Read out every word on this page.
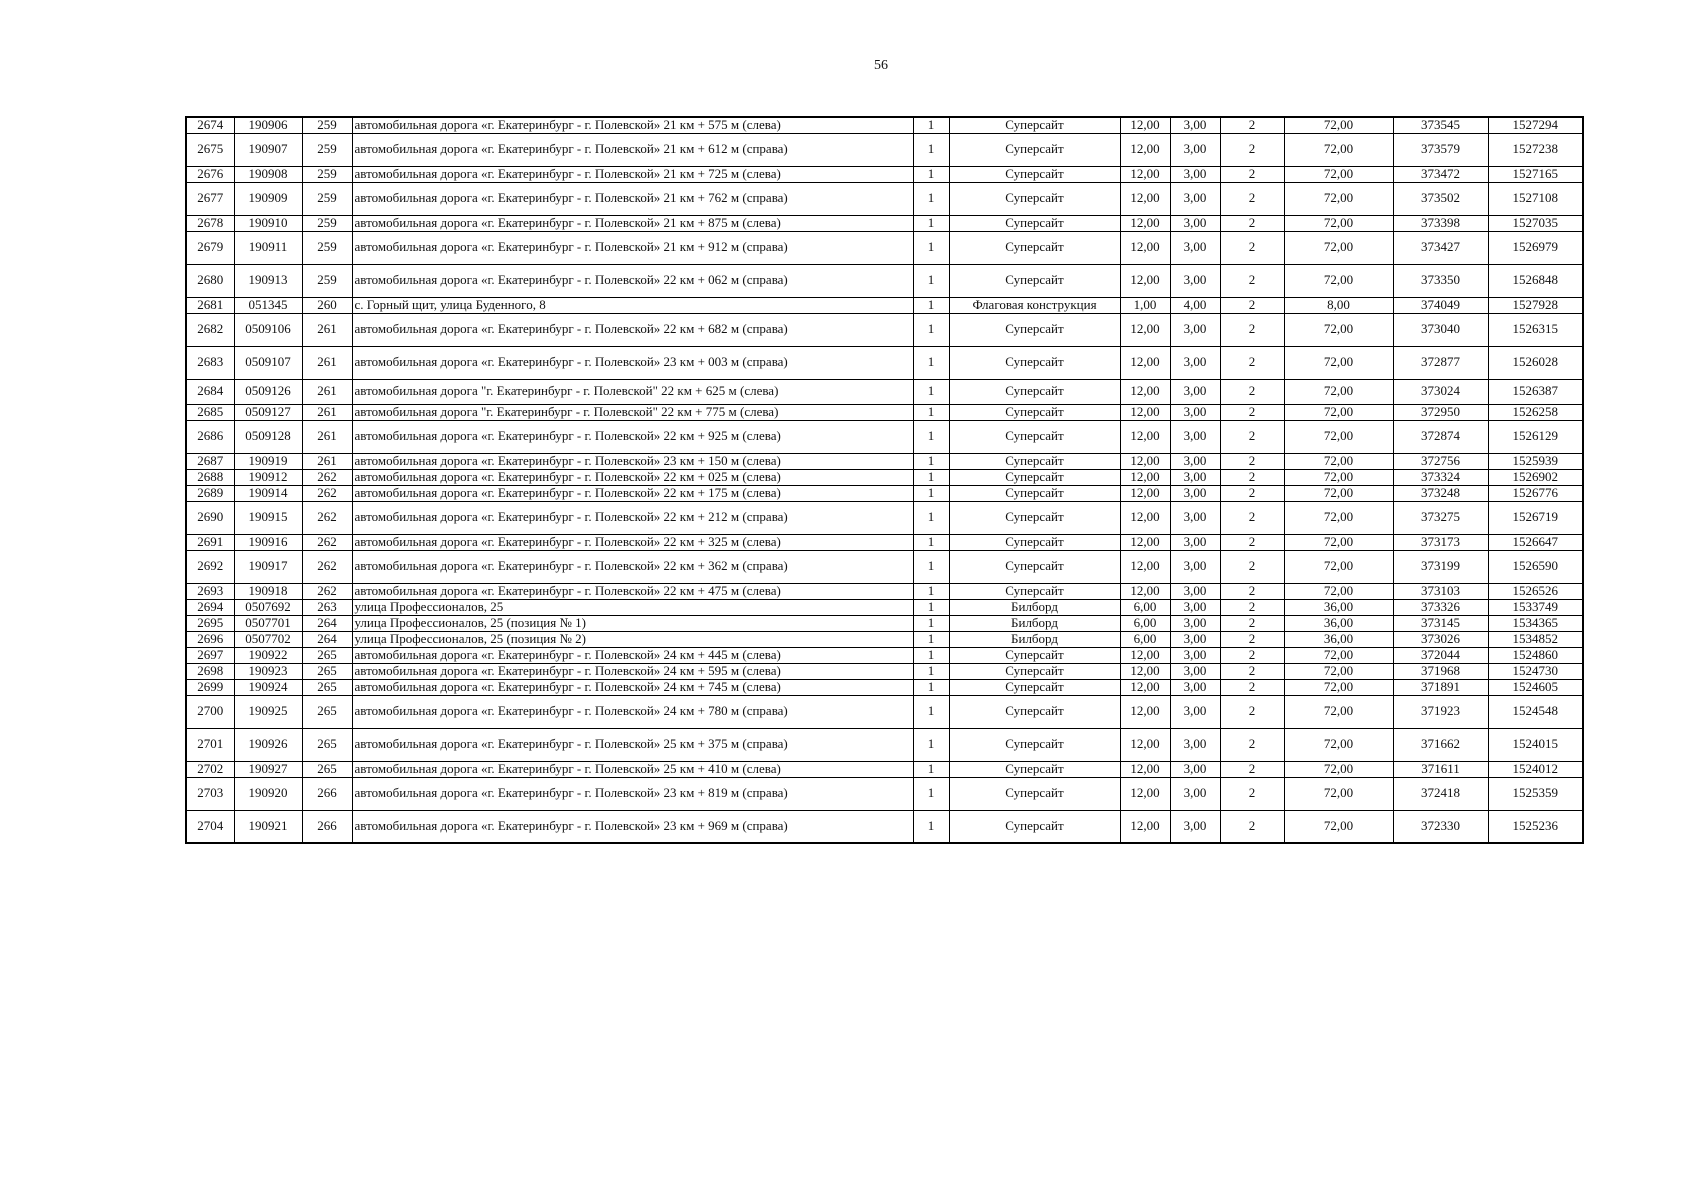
56
2674	190906	259	автомобильная дорога «г. Екатеринбург - г. Полевской» 21 км + 575 м (слева)	1	Суперсайт	12,00	3,00	2	72,00	373545	1527294
2675	190907	259	автомобильная дорога «г. Екатеринбург - г. Полевской» 21 км + 612 м (справа)	1	Суперсайт	12,00	3,00	2	72,00	373579	1527238
2676	190908	259	автомобильная дорога «г. Екатеринбург - г. Полевской» 21 км + 725 м (слева)	1	Суперсайт	12,00	3,00	2	72,00	373472	1527165
2677	190909	259	автомобильная дорога «г. Екатеринбург - г. Полевской» 21 км + 762 м (справа)	1	Суперсайт	12,00	3,00	2	72,00	373502	1527108
2678	190910	259	автомобильная дорога «г. Екатеринбург - г. Полевской» 21 км + 875 м (слева)	1	Суперсайт	12,00	3,00	2	72,00	373398	1527035
2679	190911	259	автомобильная дорога «г. Екатеринбург - г. Полевской» 21 км + 912 м (справа)	1	Суперсайт	12,00	3,00	2	72,00	373427	1526979
2680	190913	259	автомобильная дорога «г. Екатеринбург - г. Полевской» 22 км + 062 м (справа)	1	Суперсайт	12,00	3,00	2	72,00	373350	1526848
2681	051345	260	с. Горный щит, улица Буденного, 8	1	Флаговая конструкция	1,00	4,00	2	8,00	374049	1527928
2682	0509106	261	автомобильная дорога «г. Екатеринбург - г. Полевской» 22 км + 682 м (справа)	1	Суперсайт	12,00	3,00	2	72,00	373040	1526315
2683	0509107	261	автомобильная дорога «г. Екатеринбург - г. Полевской» 23 км + 003 м (справа)	1	Суперсайт	12,00	3,00	2	72,00	372877	1526028
2684	0509126	261	автомобильная дорога "г. Екатеринбург - г. Полевской" 22 км + 625 м (слева)	1	Суперсайт	12,00	3,00	2	72,00	373024	1526387
2685	0509127	261	автомобильная дорога "г. Екатеринбург - г. Полевской" 22 км + 775 м (слева)	1	Суперсайт	12,00	3,00	2	72,00	372950	1526258
2686	0509128	261	автомобильная дорога «г. Екатеринбург - г. Полевской» 22 км + 925 м (слева)	1	Суперсайт	12,00	3,00	2	72,00	372874	1526129
2687	190919	261	автомобильная дорога «г. Екатеринбург - г. Полевской» 23 км + 150 м (слева)	1	Суперсайт	12,00	3,00	2	72,00	372756	1525939
2688	190912	262	автомобильная дорога «г. Екатеринбург - г. Полевской» 22 км + 025 м (слева)	1	Суперсайт	12,00	3,00	2	72,00	373324	1526902
2689	190914	262	автомобильная дорога «г. Екатеринбург - г. Полевской» 22 км + 175 м (слева)	1	Суперсайт	12,00	3,00	2	72,00	373248	1526776
2690	190915	262	автомобильная дорога «г. Екатеринбург - г. Полевской» 22 км + 212 м (справа)	1	Суперсайт	12,00	3,00	2	72,00	373275	1526719
2691	190916	262	автомобильная дорога «г. Екатеринбург - г. Полевской» 22 км + 325 м (слева)	1	Суперсайт	12,00	3,00	2	72,00	373173	1526647
2692	190917	262	автомобильная дорога «г. Екатеринбург - г. Полевской» 22 км + 362 м (справа)	1	Суперсайт	12,00	3,00	2	72,00	373199	1526590
2693	190918	262	автомобильная дорога «г. Екатеринбург - г. Полевской» 22 км + 475 м (слева)	1	Суперсайт	12,00	3,00	2	72,00	373103	1526526
2694	0507692	263	улица Профессионалов, 25	1	Билборд	6,00	3,00	2	36,00	373326	1533749
2695	0507701	264	улица Профессионалов, 25 (позиция № 1)	1	Билборд	6,00	3,00	2	36,00	373145	1534365
2696	0507702	264	улица Профессионалов, 25 (позиция № 2)	1	Билборд	6,00	3,00	2	36,00	373026	1534852
2697	190922	265	автомобильная дорога «г. Екатеринбург - г. Полевской» 24 км + 445 м (слева)	1	Суперсайт	12,00	3,00	2	72,00	372044	1524860
2698	190923	265	автомобильная дорога «г. Екатеринбург - г. Полевской» 24 км + 595 м (слева)	1	Суперсайт	12,00	3,00	2	72,00	371968	1524730
2699	190924	265	автомобильная дорога «г. Екатеринбург - г. Полевской» 24 км + 745 м (слева)	1	Суперсайт	12,00	3,00	2	72,00	371891	1524605
2700	190925	265	автомобильная дорога «г. Екатеринбург - г. Полевской» 24 км + 780 м (справа)	1	Суперсайт	12,00	3,00	2	72,00	371923	1524548
2701	190926	265	автомобильная дорога «г. Екатеринбург - г. Полевской» 25 км + 375 м (справа)	1	Суперсайт	12,00	3,00	2	72,00	371662	1524015
2702	190927	265	автомобильная дорога «г. Екатеринбург - г. Полевской» 25 км + 410 м (слева)	1	Суперсайт	12,00	3,00	2	72,00	371611	1524012
2703	190920	266	автомобильная дорога «г. Екатеринбург - г. Полевской» 23 км + 819 м (справа)	1	Суперсайт	12,00	3,00	2	72,00	372418	1525359
2704	190921	266	автомобильная дорога «г. Екатеринбург - г. Полевской» 23 км + 969 м (справа)	1	Суперсайт	12,00	3,00	2	72,00	372330	1525236
